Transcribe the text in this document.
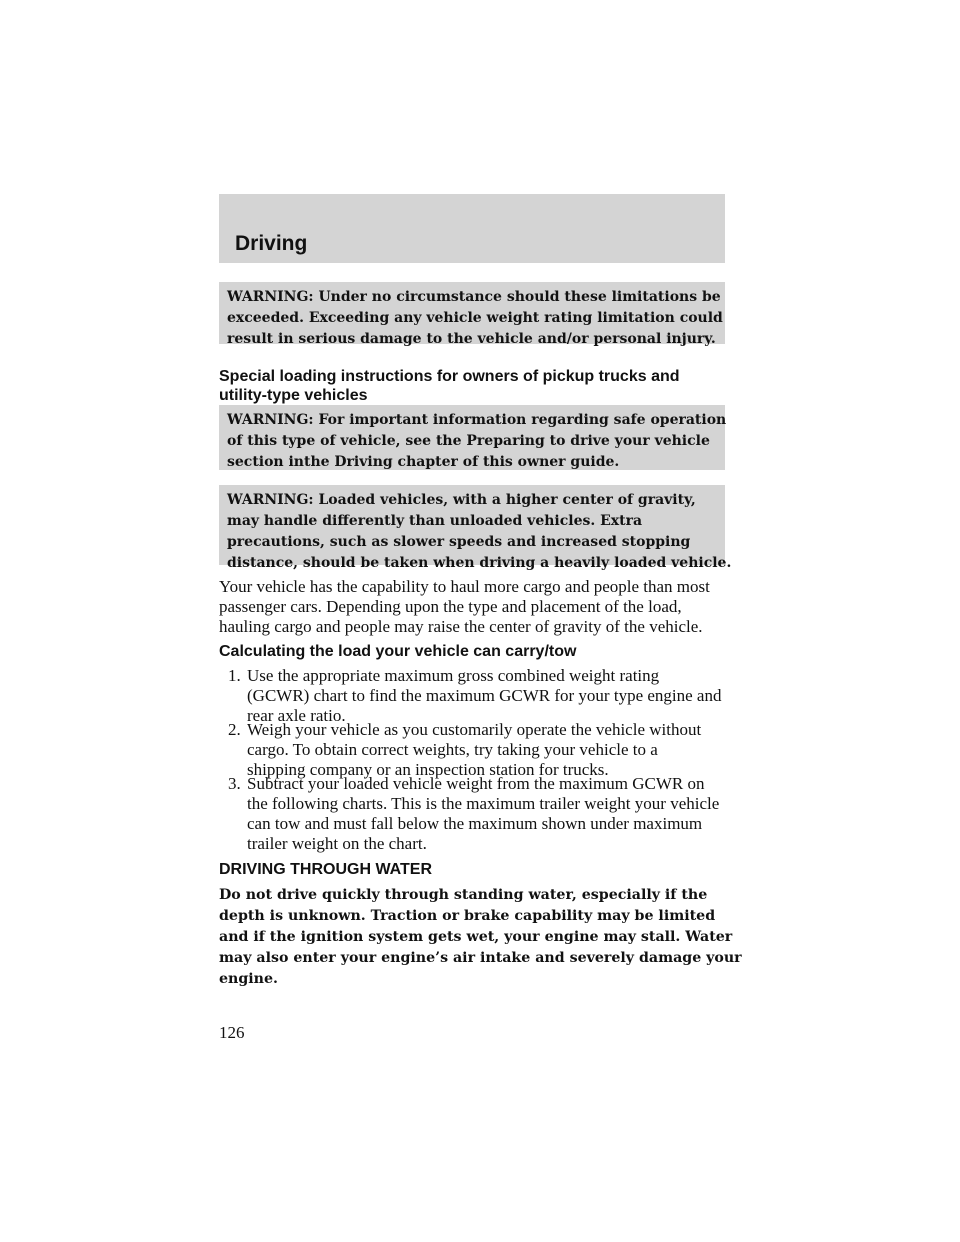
Driving
WARNING: Under no circumstance should these limitations be
exceeded. Exceeding any vehicle weight rating limitation could
result in serious damage to the vehicle and/or personal injury.
Special loading instructions for owners of pickup trucks and
utility-type vehicles
WARNING: For important information regarding safe operation
of this type of vehicle, see the Preparing to drive your vehicle
section inthe Driving chapter of this owner guide.
WARNING: Loaded vehicles, with a higher center of gravity,
may handle differently than unloaded vehicles. Extra
precautions, such as slower speeds and increased stopping
distance, should be taken when driving a heavily loaded vehicle.
Your vehicle has the capability to haul more cargo and people than most
passenger cars. Depending upon the type and placement of the load,
hauling cargo and people may raise the center of gravity of the vehicle.
Calculating the load your vehicle can carry/tow
1. Use the appropriate maximum gross combined weight rating
(GCWR) chart to find the maximum GCWR for your type engine and
rear axle ratio.
2. Weigh your vehicle as you customarily operate the vehicle without
cargo. To obtain correct weights, try taking your vehicle to a
shipping company or an inspection station for trucks.
3. Subtract your loaded vehicle weight from the maximum GCWR on
the following charts. This is the maximum trailer weight your vehicle
can tow and must fall below the maximum shown under maximum
trailer weight on the chart.
DRIVING THROUGH WATER
Do not drive quickly through standing water, especially if the
depth is unknown. Traction or brake capability may be limited
and if the ignition system gets wet, your engine may stall. Water
may also enter your engine’s air intake and severely damage your
engine.
126
